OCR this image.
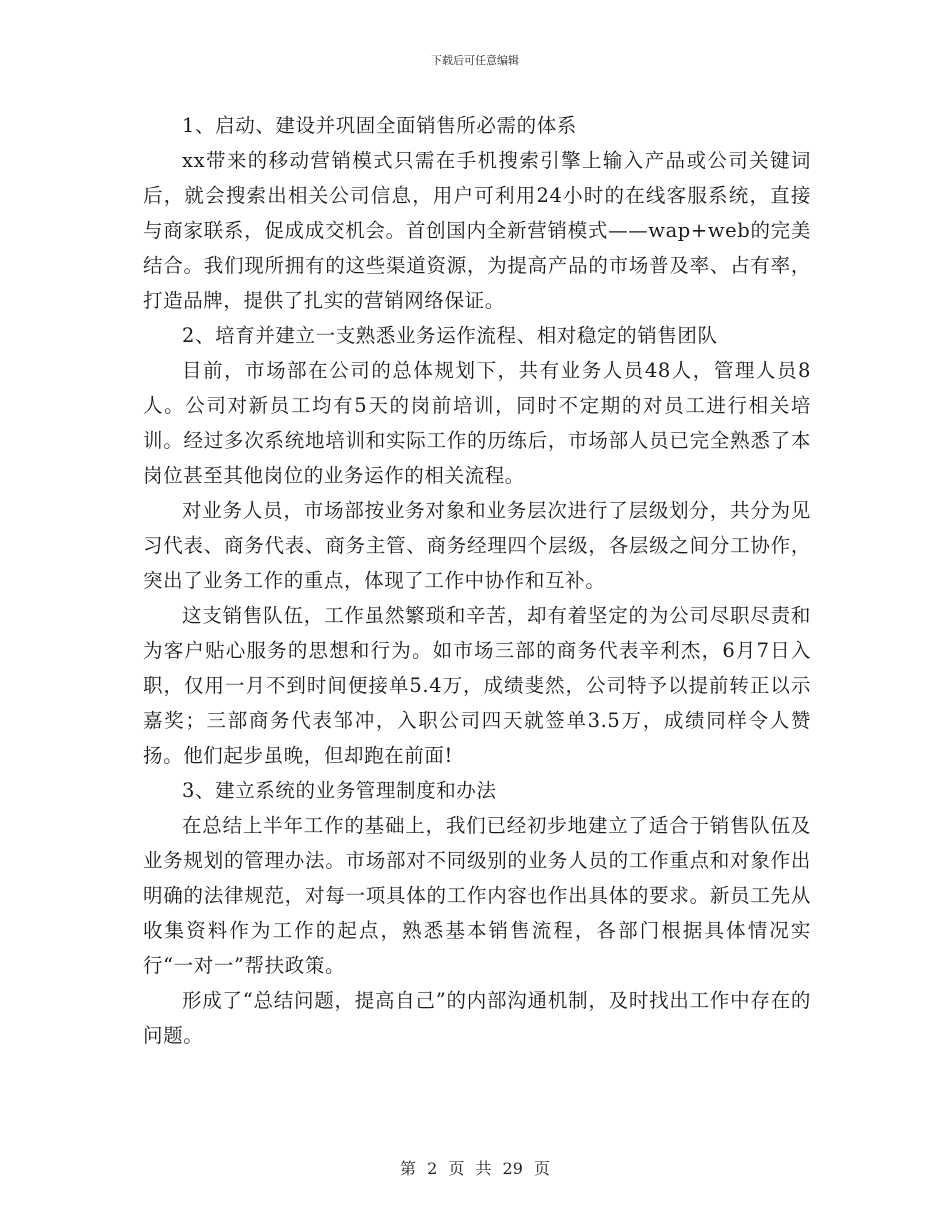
下载后可任意编辑

1、启动、建设并巩固全面销售所必需的体系

xx带来的移动营销模式只需在手机搜索引擎上输入产品或公司关键词后，就会搜索出相关公司信息，用户可利用24小时的在线客服系统，直接与商家联系，促成成交机会。首创国内全新营销模式——wap+web的完美结合。我们现所拥有的这些渠道资源，为提高产品的市场普及率、占有率，打造品牌，提供了扎实的营销网络保证。

2、培育并建立一支熟悉业务运作流程、相对稳定的销售团队

目前，市场部在公司的总体规划下，共有业务人员48人，管理人员8人。公司对新员工均有5天的岗前培训，同时不定期的对员工进行相关培训。经过多次系统地培训和实际工作的历练后，市场部人员已完全熟悉了本岗位甚至其他岗位的业务运作的相关流程。

对业务人员，市场部按业务对象和业务层次进行了层级划分，共分为见习代表、商务代表、商务主管、商务经理四个层级，各层级之间分工协作，突出了业务工作的重点，体现了工作中协作和互补。

这支销售队伍，工作虽然繁琐和辛苦，却有着坚定的为公司尽职尽责和为客户贴心服务的思想和行为。如市场三部的商务代表辛利杰，6月7日入职，仅用一月不到时间便接单5.4万，成绩斐然，公司特予以提前转正以示嘉奖；三部商务代表邹冲，入职公司四天就签单3.5万，成绩同样令人赞扬。他们起步虽晚，但却跑在前面!

3、建立系统的业务管理制度和办法

在总结上半年工作的基础上，我们已经初步地建立了适合于销售队伍及业务规划的管理办法。市场部对不同级别的业务人员的工作重点和对象作出明确的法律规范，对每一项具体的工作内容也作出具体的要求。新员工先从收集资料作为工作的起点，熟悉基本销售流程，各部门根据具体情况实行“一对一”帮扶政策。

形成了“总结问题，提高自己”的内部沟通机制，及时找出工作中存在的问题。

第 2 页 共 29 页
